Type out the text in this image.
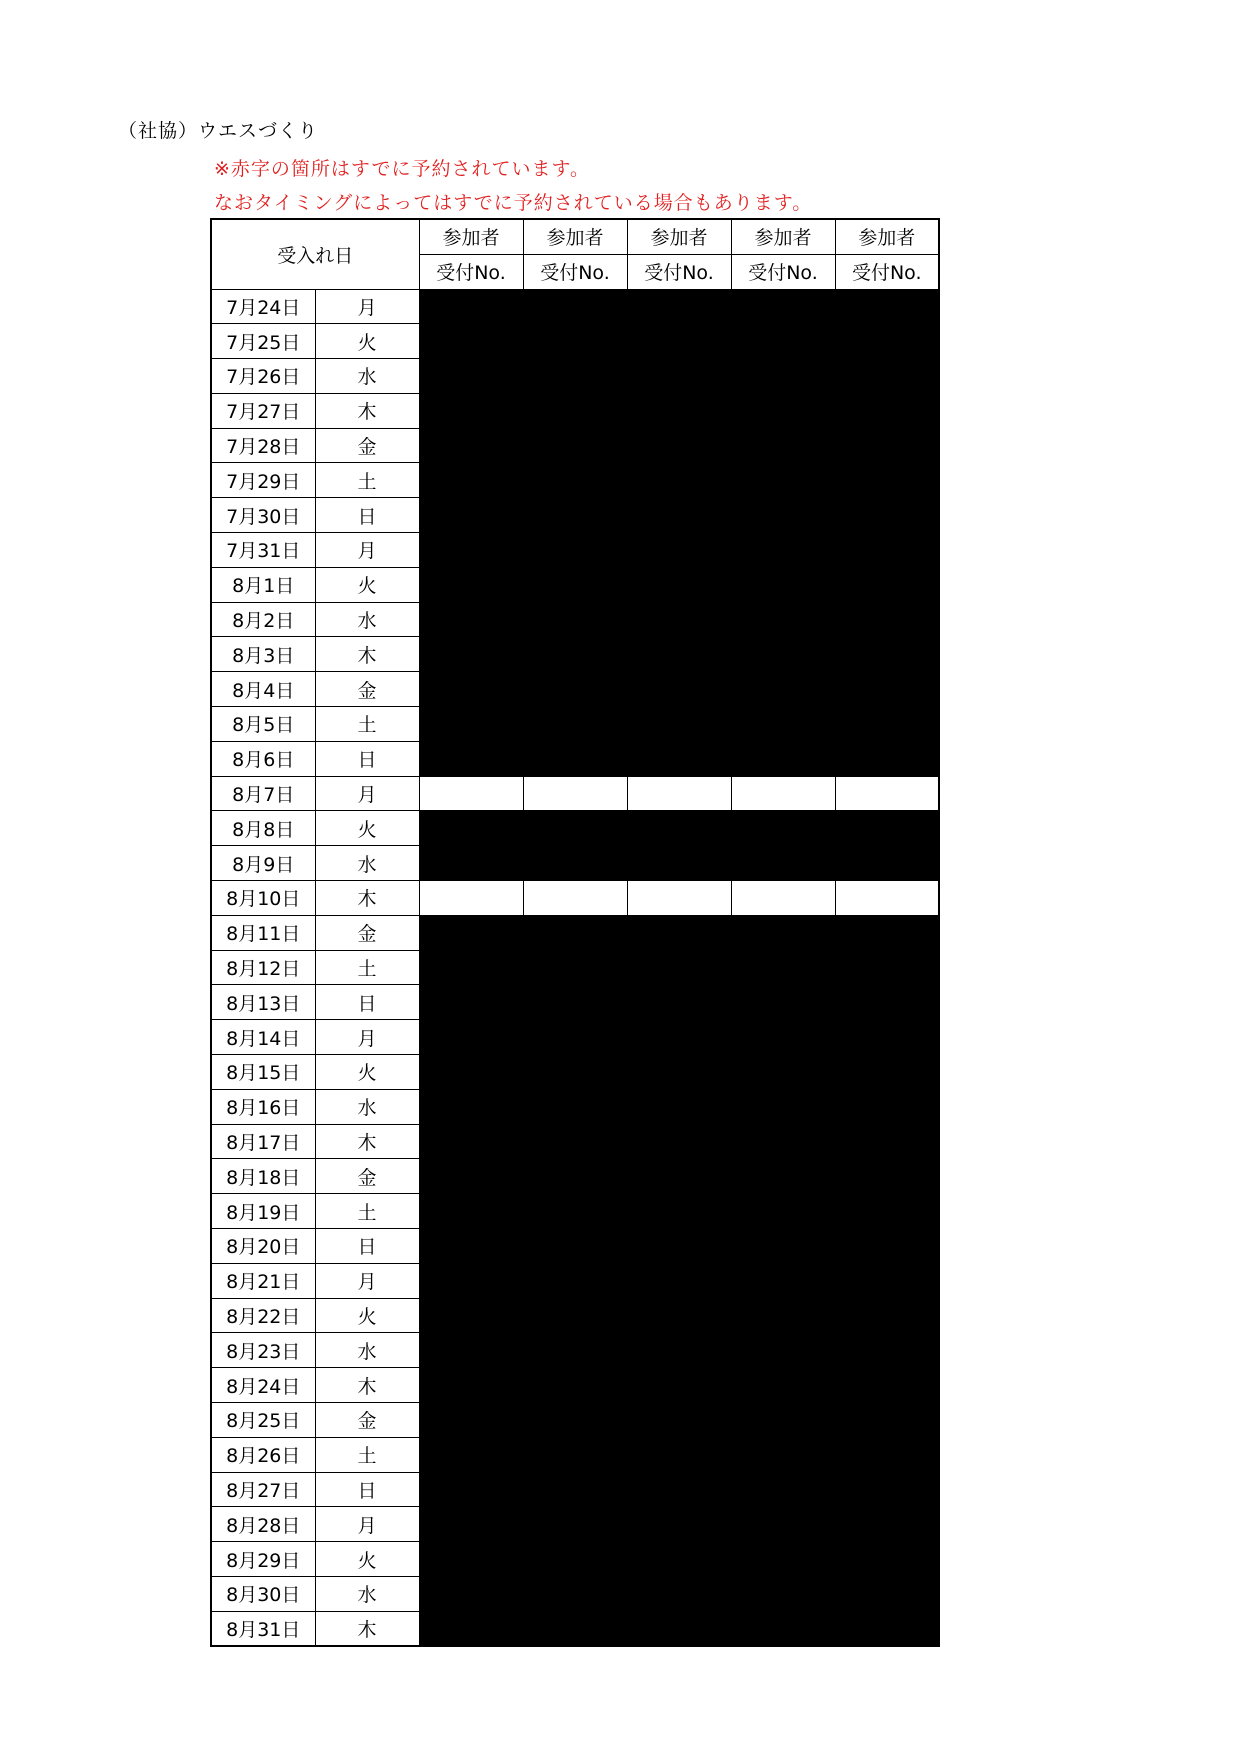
（社協）ウエスづくり
※赤字の箇所はすでに予約されています。
なおタイミングによってはすでに予約されている場合もあります。
受入れ日		参加者	参加者	参加者	参加者	参加者
		受付No.	受付No.	受付No.	受付No.	受付No.
7月24日	月					
7月25日	火					
7月26日	水					
7月27日	木					
7月28日	金					
7月29日	土					
7月30日	日					
7月31日	月					
8月1日	火					
8月2日	水					
8月3日	木					
8月4日	金					
8月5日	土					
8月6日	日					
8月7日	月					
8月8日	火					
8月9日	水					
8月10日	木					
8月11日	金					
8月12日	土					
8月13日	日					
8月14日	月					
8月15日	火					
8月16日	水					
8月17日	木					
8月18日	金					
8月19日	土					
8月20日	日					
8月21日	月					
8月22日	火					
8月23日	水					
8月24日	木					
8月25日	金					
8月26日	土					
8月27日	日					
8月28日	月					
8月29日	火					
8月30日	水					
8月31日	木					
